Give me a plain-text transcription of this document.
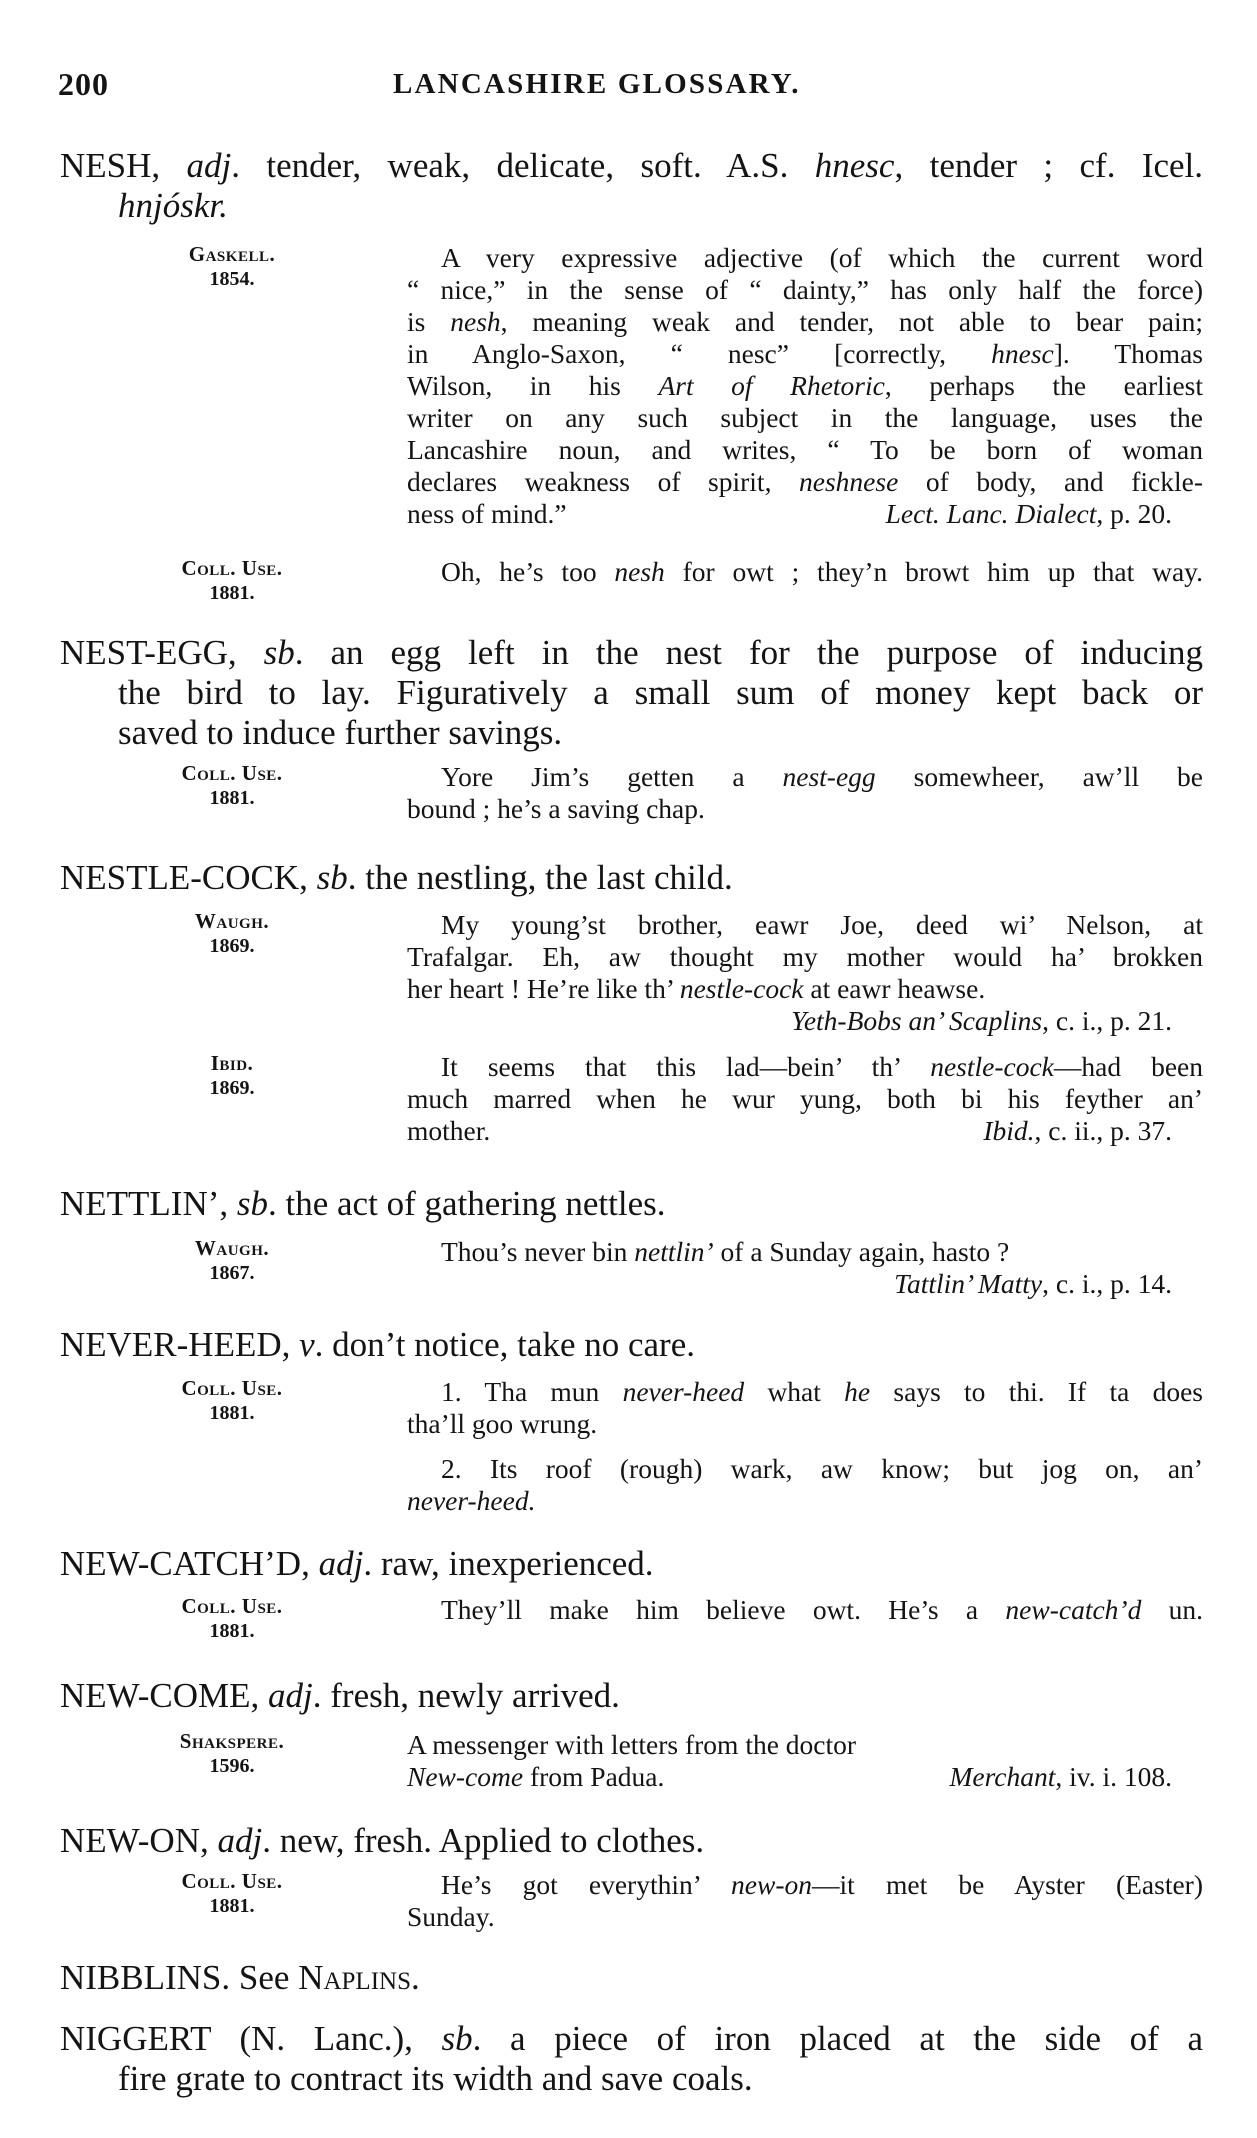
200	LANCASHIRE GLOSSARY.
NESH, adj. tender, weak, delicate, soft. A.S. hnesc, tender ; cf. Icel.
hnjóskr.
Gaskell.
1854.
A very expressive adjective (of which the current word
“ nice,” in the sense of “ dainty,” has only half the force)
is nesh, meaning weak and tender, not able to bear pain;
in Anglo-Saxon, “ nesc” [correctly, hnesc]. Thomas
Wilson, in his Art of Rhetoric, perhaps the earliest
writer on any such subject in the language, uses the
Lancashire noun, and writes, “ To be born of woman
declares weakness of spirit, neshnese of body, and fickle-
ness of mind.”	Lect. Lanc. Dialect, p. 20.
Coll. Use.
1881.
Oh, he’s too nesh for owt ; they’n browt him up that way.
NEST-EGG, sb. an egg left in the nest for the purpose of inducing
the bird to lay. Figuratively a small sum of money kept back or
saved to induce further savings.
Coll. Use.
1881.
Yore Jim’s getten a nest-egg somewheer, aw’ll be
bound ; he’s a saving chap.
NESTLE-COCK, sb. the nestling, the last child.
Waugh.
1869.
My young’st brother, eawr Joe, deed wi’ Nelson, at
Trafalgar. Eh, aw thought my mother would ha’ brokken
her heart ! He’re like th’ nestle-cock at eawr heawse.
Yeth-Bobs an’ Scaplins, c. i., p. 21.
Ibid.
1869.
It seems that this lad—bein’ th’ nestle-cock—had been
much marred when he wur yung, both bi his feyther an’
mother.	Ibid., c. ii., p. 37.
NETTLIN’, sb. the act of gathering nettles.
Waugh.
1867.
Thou’s never bin nettlin’ of a Sunday again, hasto ?
Tattlin’ Matty, c. i., p. 14.
NEVER-HEED, v. don’t notice, take no care.
Coll. Use.
1881.
1. Tha mun never-heed what he says to thi. If ta does
tha’ll goo wrung.
2. Its roof (rough) wark, aw know; but jog on, an’
never-heed.
NEW-CATCH’D, adj. raw, inexperienced.
Coll. Use.
1881.
They’ll make him believe owt. He’s a new-catch’d un.
NEW-COME, adj. fresh, newly arrived.
Shakspere.
1596.
A messenger with letters from the doctor
New-come from Padua.	Merchant, iv. i. 108.
NEW-ON, adj. new, fresh. Applied to clothes.
Coll. Use.
1881.
He’s got everythin’ new-on—it met be Ayster (Easter)
Sunday.
NIBBLINS. See Naplins.
NIGGERT (N. Lanc.), sb. a piece of iron placed at the side of a
fire grate to contract its width and save coals.
